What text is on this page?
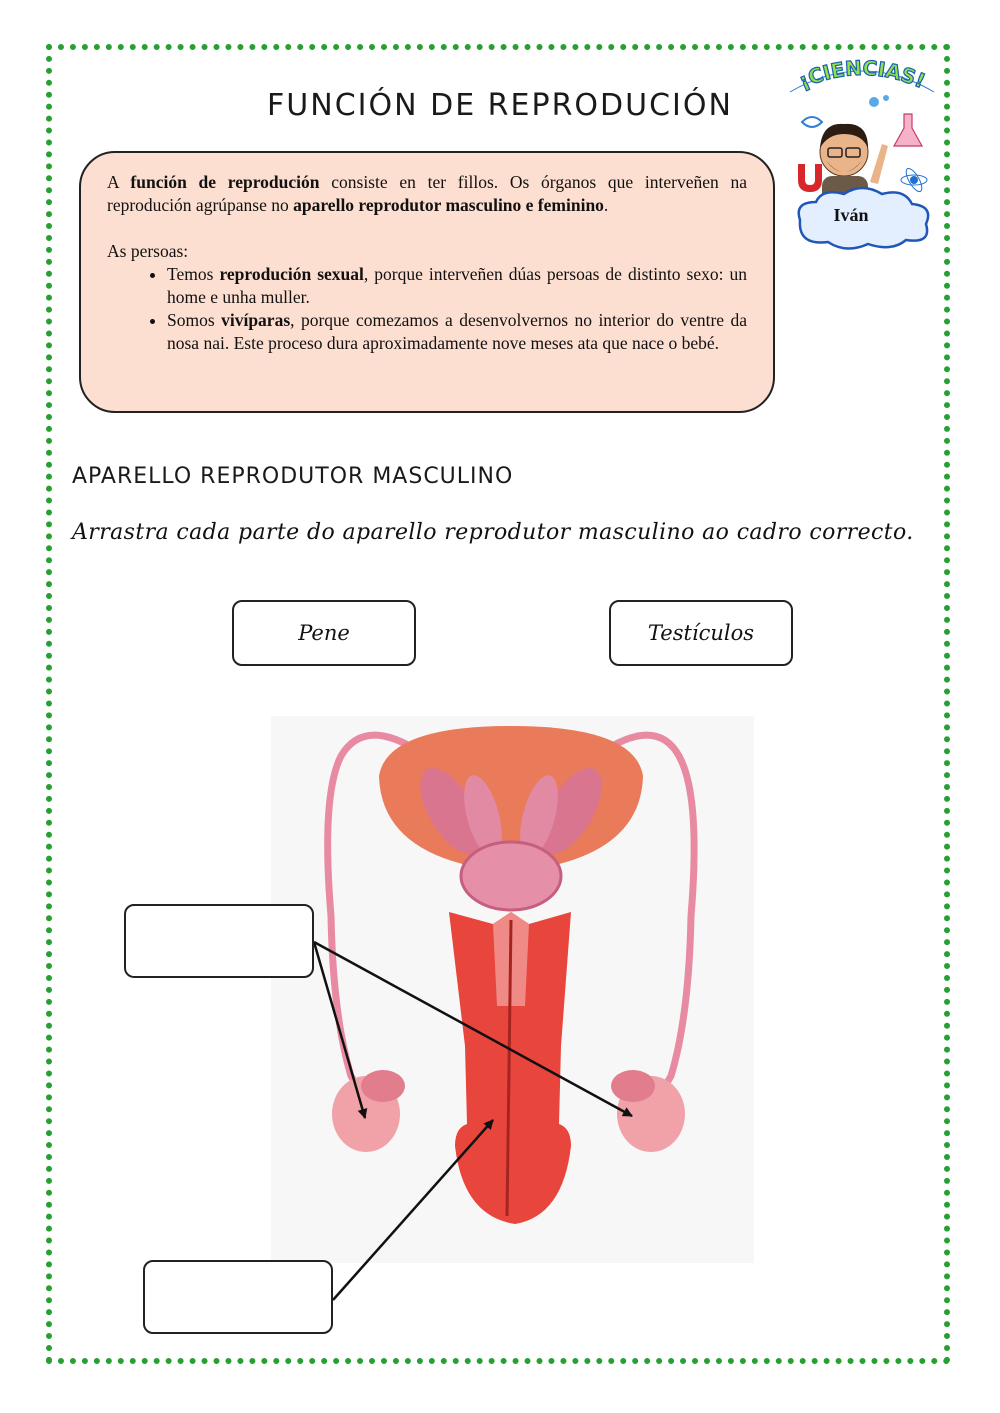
FUNCIÓN DE REPRODUCIÓN
¡CIENCIAS!
Iván

A función de reprodución consiste en ter fillos. Os órganos que interveñen na reprodución agrúpanse no aparello reprodutor masculino e feminino.

As persoas:

• Temos reprodución sexual, porque interveñen dúas persoas de distinto sexo: un home e unha muller.
• Somos vivíparas, porque comezamos a desenvolvernos no interior do ventre da nosa nai. Este proceso dura aproximadamente nove meses ata que nace o bebé.
APARELLO REPRODUTOR MASCULINO
Arrastra cada parte do aparello reprodutor masculino ao cadro correcto.
Pene	Testículos
